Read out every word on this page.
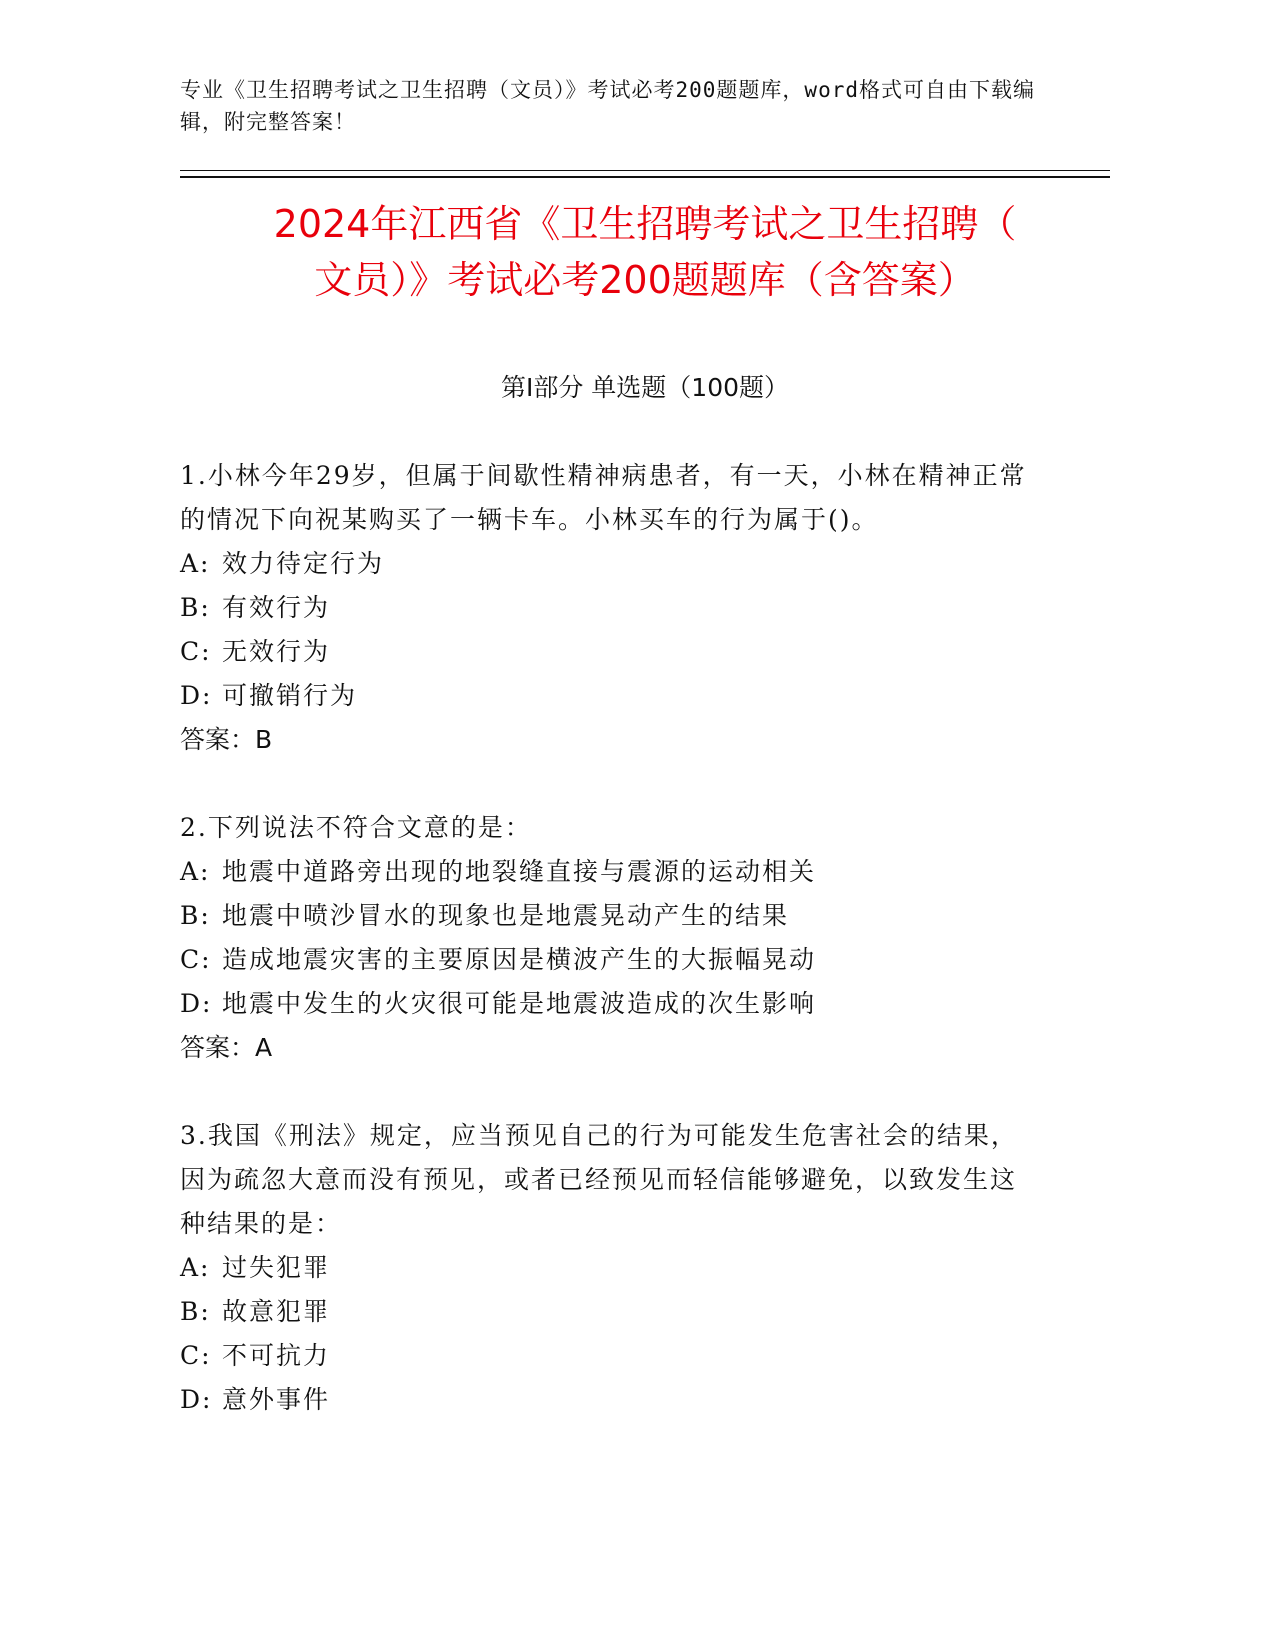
专业《卫生招聘考试之卫生招聘（文员）》考试必考200题题库，word格式可自由下载编辑，附完整答案！
2024年江西省《卫生招聘考试之卫生招聘（
文员）》考试必考200题题库（含答案）
第Ⅰ部分 单选题（100题）
1.小林今年29岁，但属于间歇性精神病患者，有一天，小林在精神正常的情况下向祝某购买了一辆卡车。小林买车的行为属于()。
A: 效力待定行为
B: 有效行为
C: 无效行为
D: 可撤销行为
答案：B
2.下列说法不符合文意的是：
A: 地震中道路旁出现的地裂缝直接与震源的运动相关
B: 地震中喷沙冒水的现象也是地震晃动产生的结果
C: 造成地震灾害的主要原因是横波产生的大振幅晃动
D: 地震中发生的火灾很可能是地震波造成的次生影响
答案：A
3.我国《刑法》规定，应当预见自己的行为可能发生危害社会的结果，因为疏忽大意而没有预见，或者已经预见而轻信能够避免，以致发生这种结果的是：
A: 过失犯罪
B: 故意犯罪
C: 不可抗力
D: 意外事件
